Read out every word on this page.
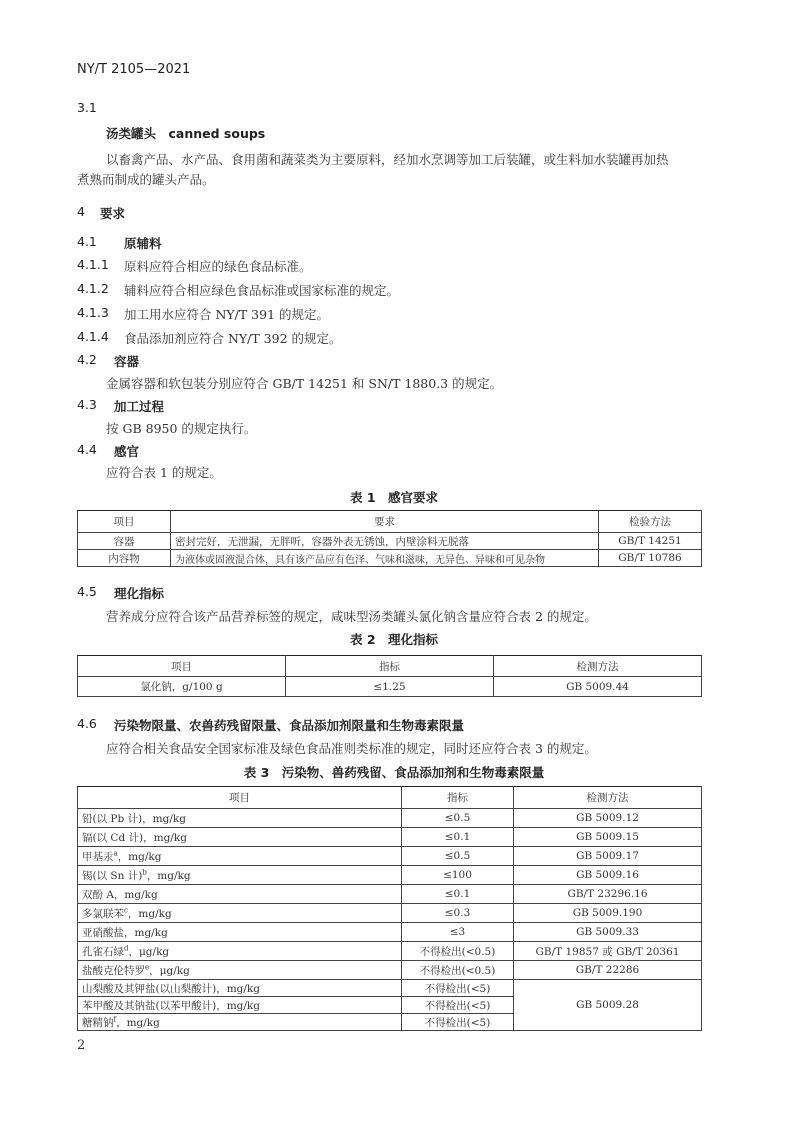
NY/T 2105—2021
3.1
汤类罐头　canned soups
以畜禽产品、水产品、食用菌和蔬菜类为主要原料，经加水烹调等加工后装罐，或生料加水装罐再加热
煮熟而制成的罐头产品。
4 要求
4.1 原辅料
4.1.1 原料应符合相应的绿色食品标准。
4.1.2 辅料应符合相应绿色食品标准或国家标准的规定。
4.1.3 加工用水应符合 NY/T 391 的规定。
4.1.4 食品添加剂应符合 NY/T 392 的规定。
4.2 容器
金属容器和软包装分别应符合 GB/T 14251 和 SN/T 1880.3 的规定。
4.3 加工过程
按 GB 8950 的规定执行。
4.4 感官
应符合表 1 的规定。
表 1　感官要求
项目	要求	检验方法
容器	密封完好，无泄漏，无胖听，容器外表无锈蚀，内壁涂料无脱落	GB/T 14251
内容物	为液体或固液混合体，具有该产品应有色泽、气味和滋味，无异色、异味和可见杂物	GB/T 10786
4.5 理化指标
营养成分应符合该产品营养标签的规定，咸味型汤类罐头氯化钠含量应符合表 2 的规定。
表 2　理化指标
项目	指标	检测方法
氯化钠，g/100 g	≤1.25	GB 5009.44
4.6 污染物限量、农兽药残留限量、食品添加剂限量和生物毒素限量
应符合相关食品安全国家标准及绿色食品准则类标准的规定，同时还应符合表 3 的规定。
表 3　污染物、兽药残留、食品添加剂和生物毒素限量
项目	指标	检测方法
铅(以 Pb 计)，mg/kg	≤0.5	GB 5009.12
镉(以 Cd 计)，mg/kg	≤0.1	GB 5009.15
甲基汞$^a$，mg/kg	≤0.5	GB 5009.17
锡(以 Sn 计)$^b$，mg/kg	≤100	GB 5009.16
双酚 A，mg/kg	≤0.1	GB/T 23296.16
多氯联苯$^c$，mg/kg	≤0.3	GB 5009.190
亚硝酸盐，mg/kg	≤3	GB 5009.33
孔雀石绿$^d$，μg/kg	不得检出(<0.5)	GB/T 19857 或 GB/T 20361
盐酸克伦特罗$^e$，μg/kg	不得检出(<0.5)	GB/T 22286
山梨酸及其钾盐(以山梨酸计)，mg/kg	不得检出(<5)	GB 5009.28
苯甲酸及其钠盐(以苯甲酸计)，mg/kg	不得检出(<5)	
糖精钠$^f$，mg/kg	不得检出(<5)	
2
